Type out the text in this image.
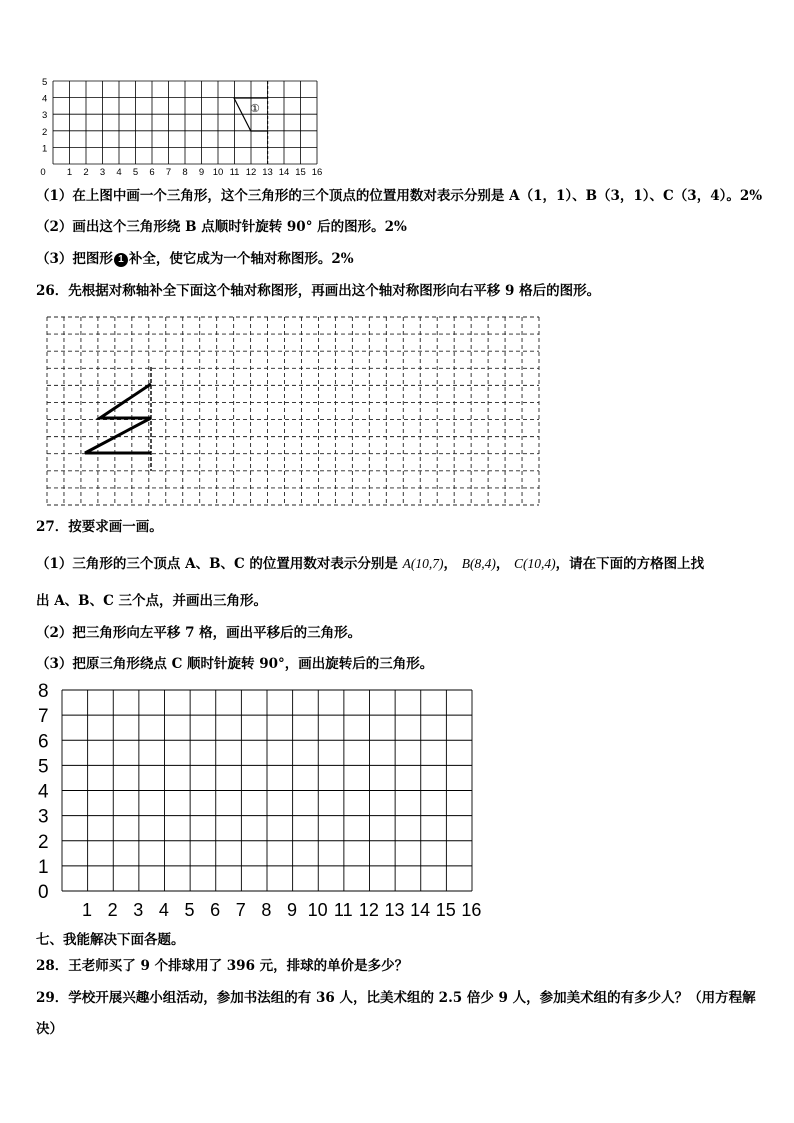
1
2
3
4
5
0 1 2 3 4 5 6 7 8 9 10 11 12 13 14 15 16
①
（1）在上图中画一个三角形，这个三角形的三个顶点的位置用数对表示分别是 A（1，1）、B（3，1）、C（3，4）。2%
（2）画出这个三角形绕 B 点顺时针旋转 90° 后的图形。2%
（3）把图形 1 补全，使它成为一个轴对称图形。2%
26．先根据对称轴补全下面这个轴对称图形，再画出这个轴对称图形向右平移 9 格后的图形。
27．按要求画一画。
（1）三角形的三个顶点 A、B、C 的位置用数对表示分别是 A(10,7)， B(8,4)， C(10,4)，请在下面的方格图上找
出 A、B、C 三个点，并画出三角形。
（2）把三角形向左平移 7 格，画出平移后的三角形。
（3）把原三角形绕点 C 顺时针旋转 90°，画出旋转后的三角形。
0
1
2
3
4
5
6
7
8
1 2 3 4 5 6 7 8 9 10 11 12 13 14 15 16
七、我能解决下面各题。
28．王老师买了 9 个排球用了 396 元，排球的单价是多少？
29．学校开展兴趣小组活动，参加书法组的有 36 人，比美术组的 2.5 倍少 9 人，参加美术组的有多少人？（用方程解
决）
